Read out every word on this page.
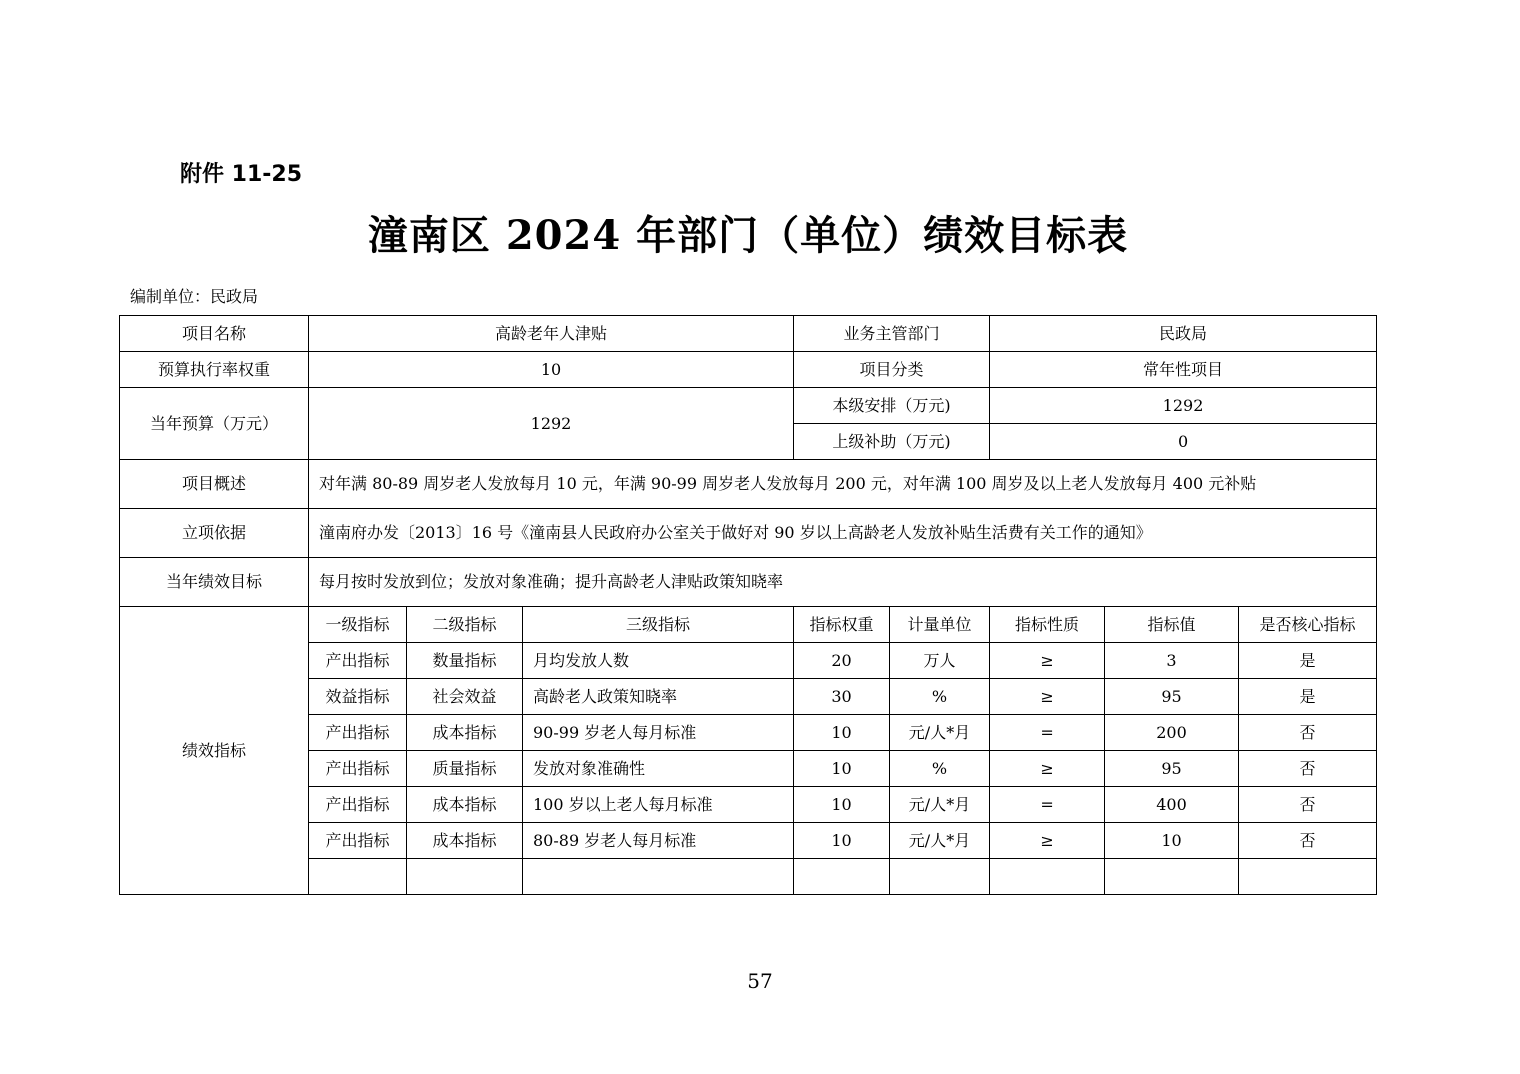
附件 11-25
潼南区 2024 年部门（单位）绩效目标表
编制单位：民政局
项目名称	高龄老年人津贴			业务主管部门		民政局		
预算执行率权重	10			项目分类		常年性项目		
当年预算（万元）	1292			本级安排（万元)		1292		
				上级补助（万元)		0		
项目概述	对年满 80-89 周岁老人发放每月 10 元，年满 90-99 周岁老人发放每月 200 元，对年满 100 周岁及以上老人发放每月 400 元补贴							
立项依据	潼南府办发〔2013〕16 号《潼南县人民政府办公室关于做好对 90 岁以上高龄老人发放补贴生活费有关工作的通知》							
当年绩效目标	每月按时发放到位；发放对象准确；提升高龄老人津贴政策知晓率							
绩效指标	一级指标	二级指标	三级指标	指标权重	计量单位	指标性质	指标值	是否核心指标
	产出指标	数量指标	月均发放人数	20	万人	≥	3	是
	效益指标	社会效益	高龄老人政策知晓率	30	%	≥	95	是
	产出指标	成本指标	90-99 岁老人每月标准	10	元/人*月	=	200	否
	产出指标	质量指标	发放对象准确性	10	%	≥	95	否
	产出指标	成本指标	100 岁以上老人每月标准	10	元/人*月	=	400	否
	产出指标	成本指标	80-89 岁老人每月标准	10	元/人*月	≥	10	否

57
